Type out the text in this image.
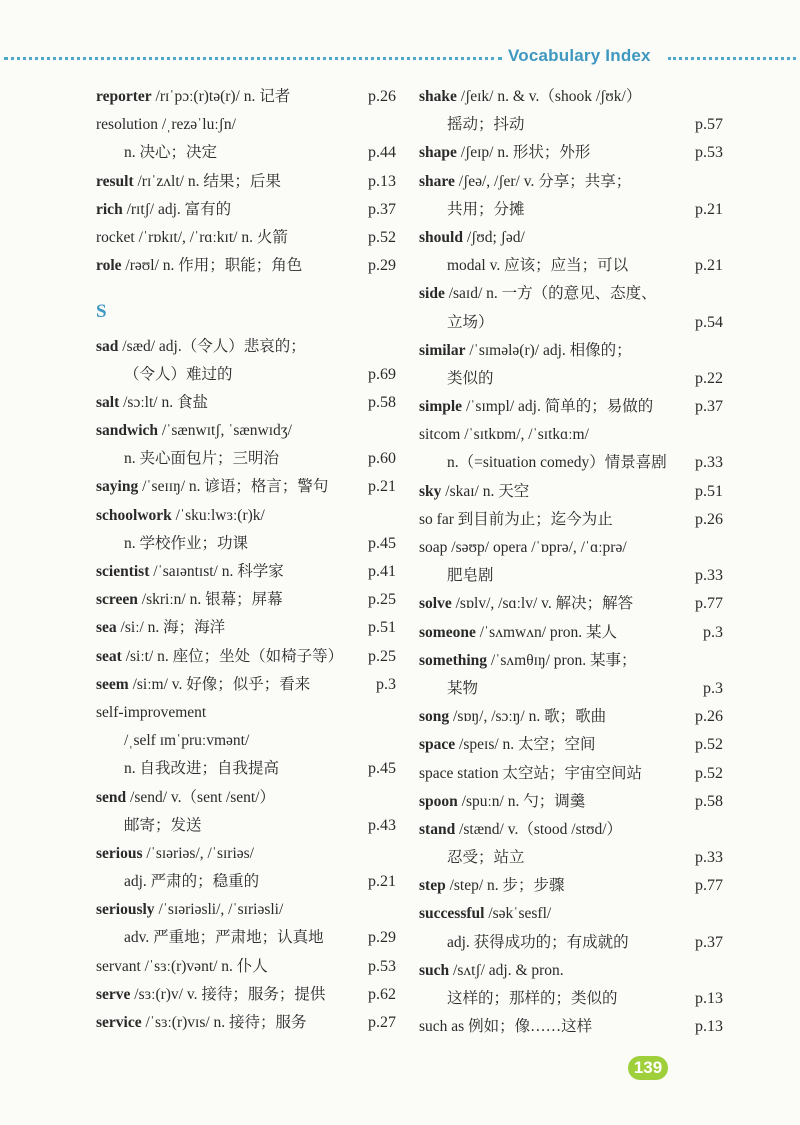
Vocabulary Index
reporter /rɪˈpɔː(r)tə(r)/ n. 记者	p.26
resolution /ˌrezəˈluːʃn/
n. 决心；决定	p.44
result /rɪˈzʌlt/ n. 结果；后果	p.13
rich /rɪtʃ/ adj. 富有的	p.37
rocket /ˈrɒkɪt/, /ˈrɑːkɪt/ n. 火箭	p.52
role /rəʊl/ n. 作用；职能；角色	p.29
S
sad /sæd/ adj.（令人）悲哀的；
（令人）难过的	p.69
salt /sɔːlt/ n. 食盐	p.58
sandwich /ˈsænwɪtʃ, ˈsænwɪdʒ/
n. 夹心面包片；三明治	p.60
saying /ˈseɪɪŋ/ n. 谚语；格言；警句 p.21
schoolwork /ˈskuːlwɜː(r)k/
n. 学校作业；功课	p.45
scientist /ˈsaɪəntɪst/ n. 科学家	p.41
screen /skriːn/ n. 银幕；屏幕	p.25
sea /siː/ n. 海；海洋	p.51
seat /siːt/ n. 座位；坐处（如椅子等） p.25
seem /siːm/ v. 好像；似乎；看来	p.3
self-improvement
/ˌself ɪmˈpruːvmənt/
n. 自我改进；自我提高	p.45
send /send/ v.（sent /sent/）
邮寄；发送	p.43
serious /ˈsɪəriəs/, /ˈsɪriəs/
adj. 严肃的；稳重的	p.21
seriously /ˈsɪəriəsli/, /ˈsɪriəsli/
adv. 严重地；严肃地；认真地	p.29
servant /ˈsɜː(r)vənt/ n. 仆人	p.53
serve /sɜː(r)v/ v. 接待；服务；提供	p.62
service /ˈsɜː(r)vɪs/ n. 接待；服务	p.27
shake /ʃeɪk/ n. & v.（shook /ʃʊk/）
摇动；抖动	p.57
shape /ʃeɪp/ n. 形状；外形	p.53
share /ʃeə/, /ʃer/ v. 分享；共享；
共用；分摊	p.21
should /ʃʊd; ʃəd/
modal v. 应该；应当；可以	p.21
side /saɪd/ n. 一方（的意见、态度、
立场）	p.54
similar /ˈsɪmələ(r)/ adj. 相像的；
类似的	p.22
simple /ˈsɪmpl/ adj. 简单的；易做的	p.37
sitcom /ˈsɪtkɒm/, /ˈsɪtkɑːm/
n.（=situation comedy）情景喜剧 p.33
sky /skaɪ/ n. 天空	p.51
so far 到目前为止；迄今为止	p.26
soap /səʊp/ opera /ˈɒprə/, /ˈɑːprə/
肥皂剧	p.33
solve /sɒlv/, /sɑːlv/ v. 解决；解答	p.77
someone /ˈsʌmwʌn/ pron. 某人	p.3
something /ˈsʌmθɪŋ/ pron. 某事；
某物	p.3
song /sɒŋ/, /sɔːŋ/ n. 歌；歌曲	p.26
space /speɪs/ n. 太空；空间	p.52
space station 太空站；宇宙空间站	p.52
spoon /spuːn/ n. 勺；调羹	p.58
stand /stænd/ v.（stood /stʊd/）
忍受；站立	p.33
step /step/ n. 步；步骤	p.77
successful /səkˈsesfl/
adj. 获得成功的；有成就的	p.37
such /sʌtʃ/ adj. & pron.
这样的；那样的；类似的	p.13
such as 例如；像……这样	p.13
139
